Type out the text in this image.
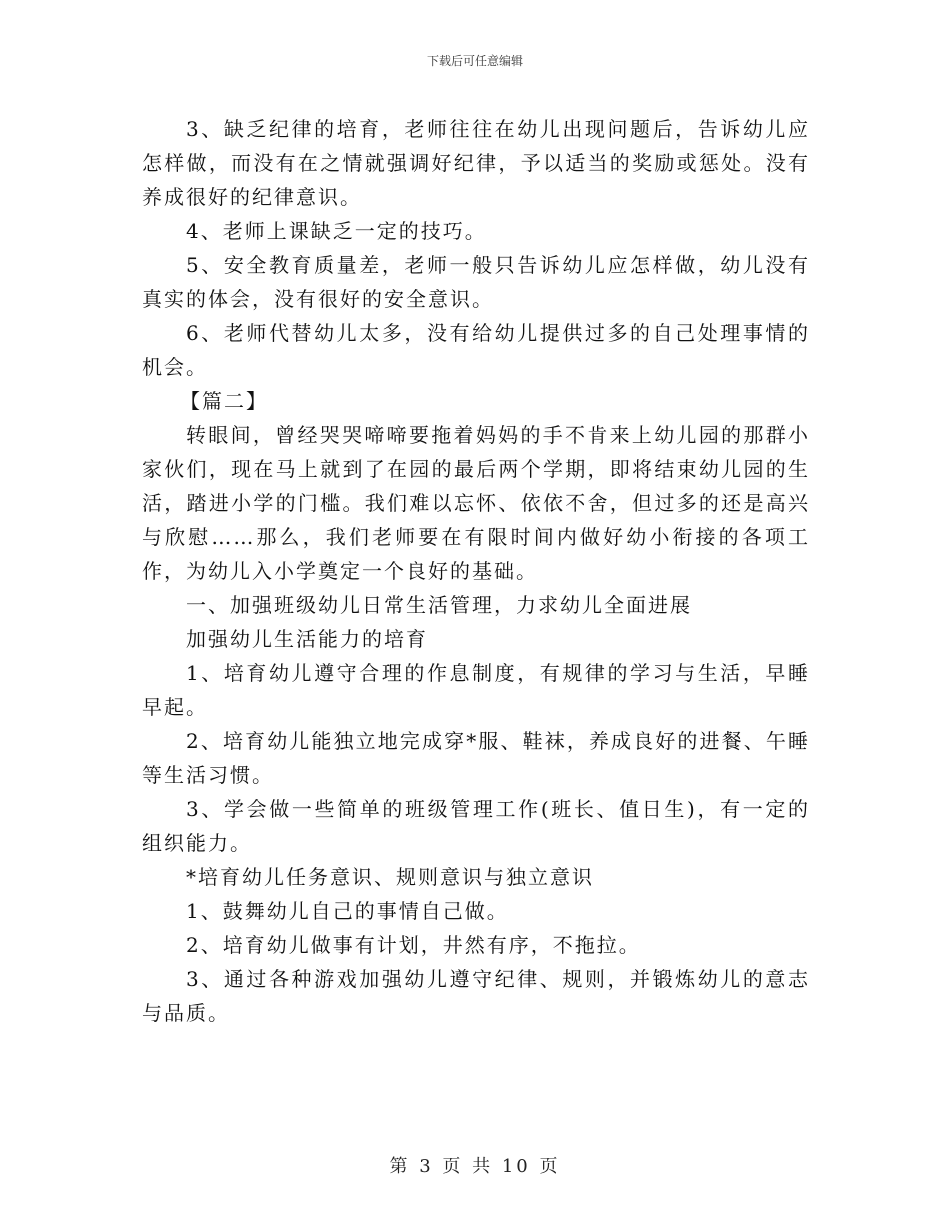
下载后可任意编辑

3、缺乏纪律的培育，老师往往在幼儿出现问题后，告诉幼儿应怎样做，而没有在之情就强调好纪律，予以适当的奖励或惩处。没有养成很好的纪律意识。

4、老师上课缺乏一定的技巧。

5、安全教育质量差，老师一般只告诉幼儿应怎样做，幼儿没有真实的体会，没有很好的安全意识。

6、老师代替幼儿太多，没有给幼儿提供过多的自己处理事情的机会。

【篇二】

转眼间，曾经哭哭啼啼要拖着妈妈的手不肯来上幼儿园的那群小家伙们，现在马上就到了在园的最后两个学期，即将结束幼儿园的生活，踏进小学的门槛。我们难以忘怀、依依不舍，但过多的还是高兴与欣慰……那么，我们老师要在有限时间内做好幼小衔接的各项工作，为幼儿入小学奠定一个良好的基础。

一、加强班级幼儿日常生活管理，力求幼儿全面进展

加强幼儿生活能力的培育

1、培育幼儿遵守合理的作息制度，有规律的学习与生活，早睡早起。

2、培育幼儿能独立地完成穿*服、鞋袜，养成良好的进餐、午睡等生活习惯。

3、学会做一些简单的班级管理工作(班长、值日生)，有一定的组织能力。

*培育幼儿任务意识、规则意识与独立意识

1、鼓舞幼儿自己的事情自己做。

2、培育幼儿做事有计划，井然有序，不拖拉。

3、通过各种游戏加强幼儿遵守纪律、规则，并锻炼幼儿的意志与品质。

第 3 页 共 10 页
